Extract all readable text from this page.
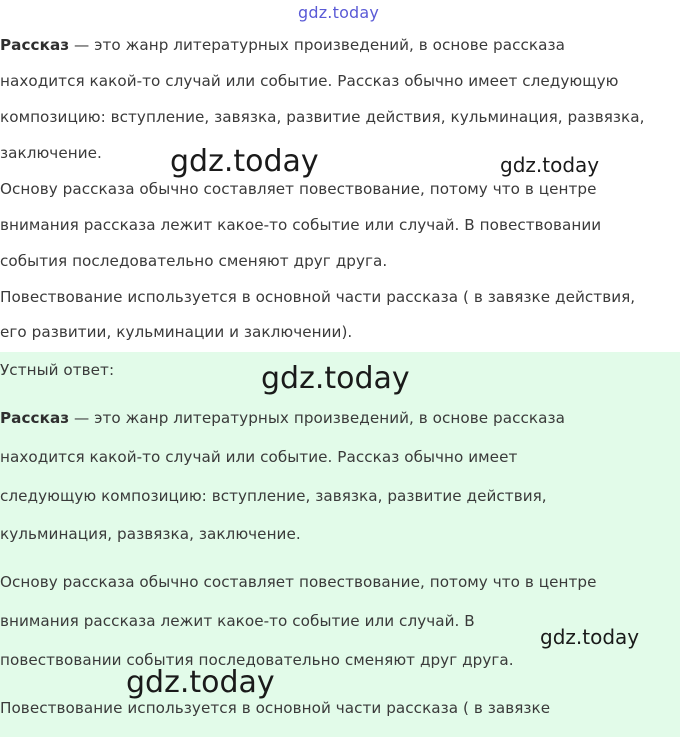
Рассказ — это жанр литературных произведений, в основе рассказа
находится какой-то случай или событие. Рассказ обычно имеет следующую
композицию: вступление, завязка, развитие действия, кульминация, развязка,
заключение.
Основу рассказа обычно составляет повествование, потому что в центре
внимания рассказа лежит какое-то событие или случай. В повествовании
события последовательно сменяют друг друга.
Повествование используется в основной части рассказа ( в завязке действия,
его развитии, кульминации и заключении).
Устный ответ:
Рассказ — это жанр литературных произведений, в основе рассказа
находится какой-то случай или событие. Рассказ обычно имеет
следующую композицию: вступление, завязка, развитие действия,
кульминация, развязка, заключение.
Основу рассказа обычно составляет повествование, потому что в центре
внимания рассказа лежит какое-то событие или случай. В
повествовании события последовательно сменяют друг друга.
Повествование используется в основной части рассказа ( в завязке
gdz.today
gdz.today	gdz.today
gdz.today
gdz.today
gdz.today
